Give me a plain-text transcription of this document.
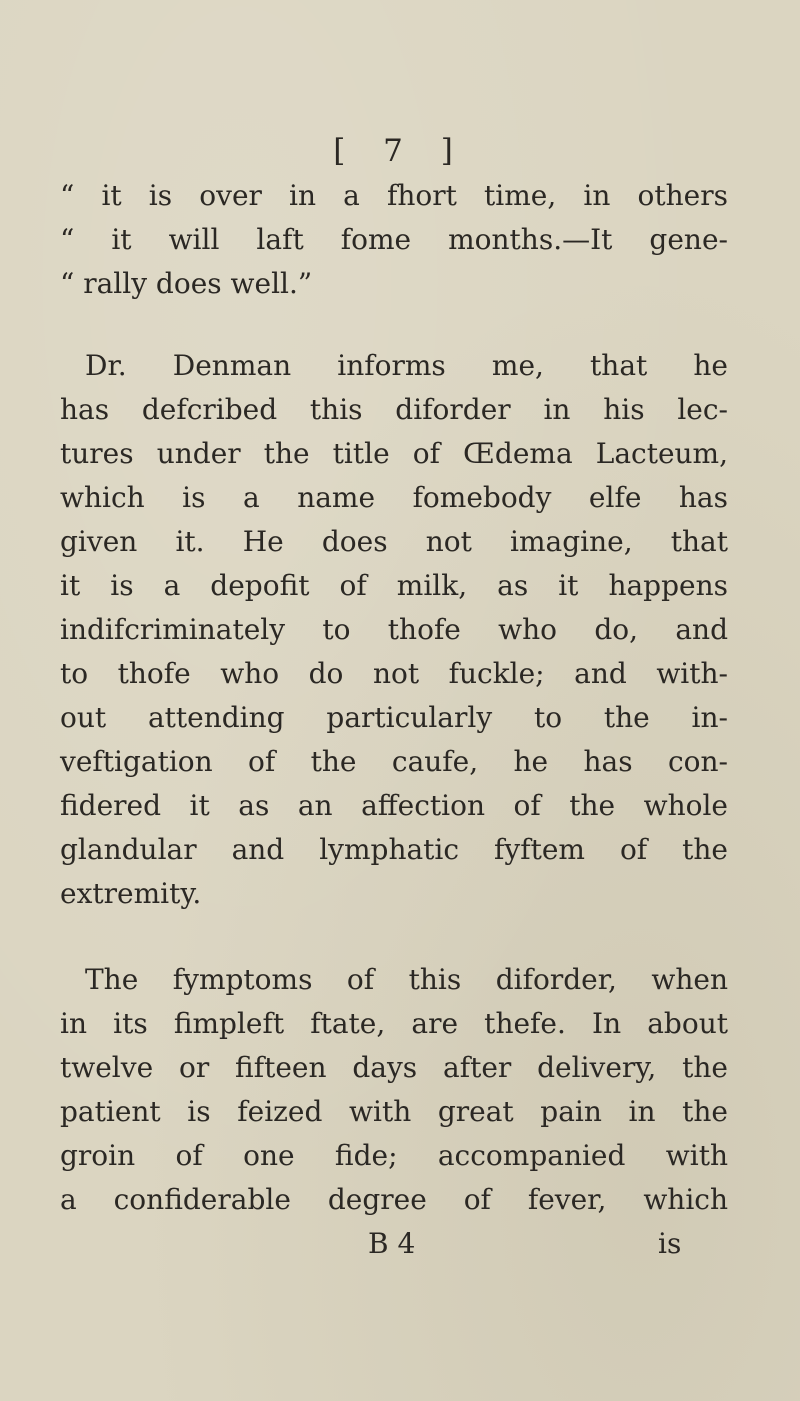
[ 7 ]
“ it is over in a fhort time, in others
“ it will laft fome months.—It gene-
“ rally does well.”
Dr. Denman informs me, that he
has defcribed this diforder in his lec-
tures under the title of Œdema Lacteum,
which is a name fomebody elfe has
given it. He does not imagine, that
it is a depofit of milk, as it happens
indifcriminately to thofe who do, and
to thofe who do not fuckle; and with-
out attending particularly to the in-
veftigation of the caufe, he has con-
fidered it as an affection of the whole
glandular and lymphatic fyftem of the
extremity.
The fymptoms of this diforder, when
in its fimpleft ftate, are thefe. In about
twelve or fifteen days after delivery, the
patient is feized with great pain in the
groin of one fide; accompanied with
a confiderable degree of fever, which
B 4	is
